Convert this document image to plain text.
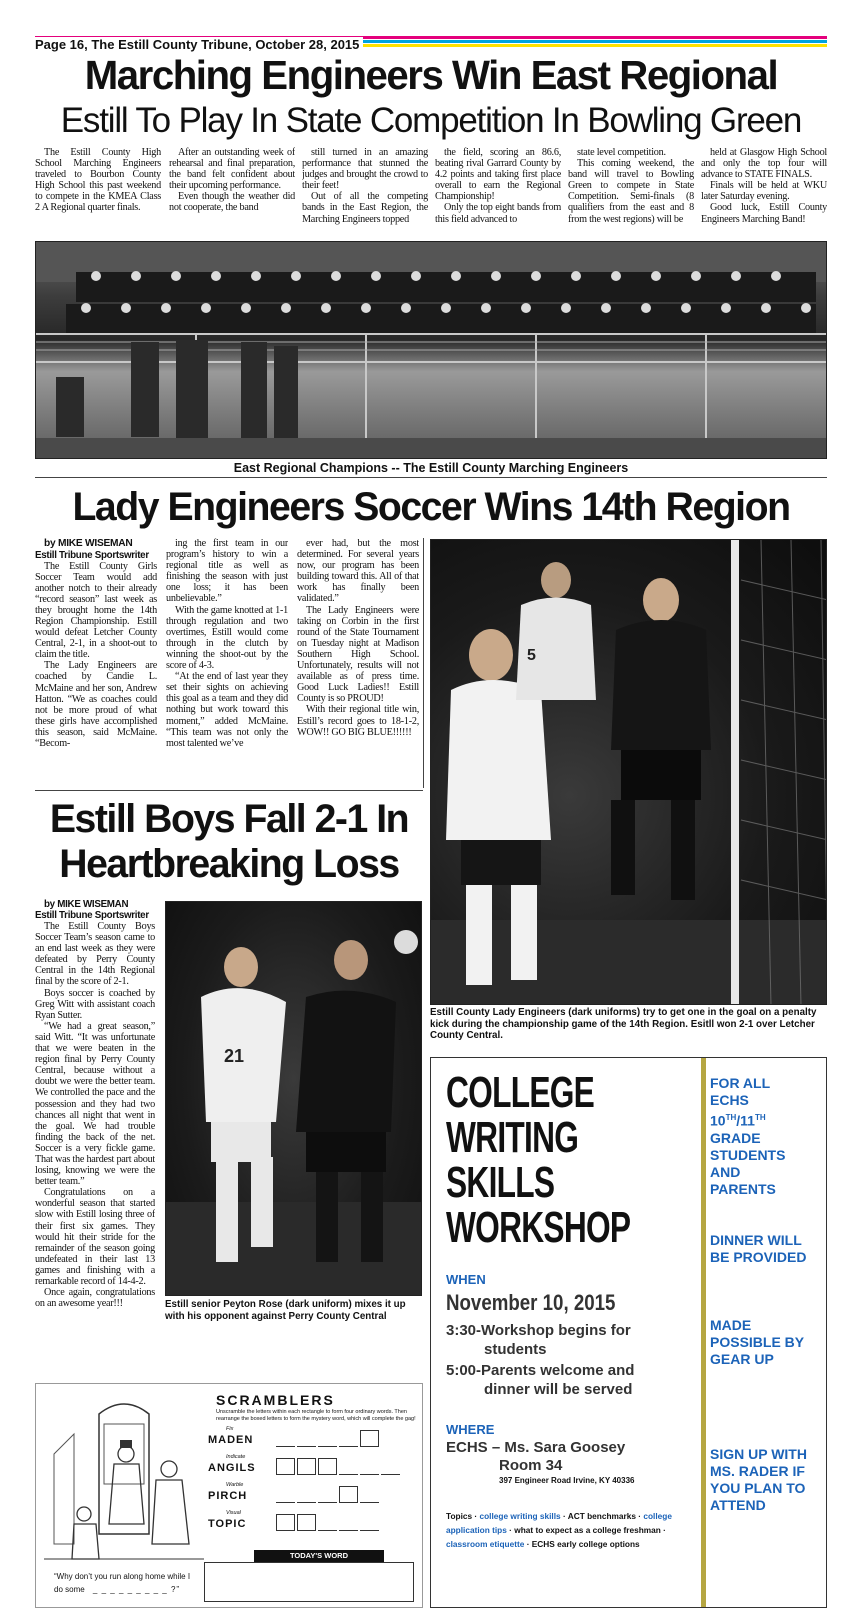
Page 16, The Estill County Tribune, October 28, 2015
Marching Engineers Win East Regional
Estill To Play In State Competition In Bowling Green

The Estill County High School Marching Engineers traveled to Bourbon County High School this past weekend to compete in the KMEA Class 2 A Regional quarter finals.

After an outstanding week of rehearsal and final preparation, the band felt confident about their upcoming performance.

Even though the weather did not cooperate, the band

still turned in an amazing performance that stunned the judges and brought the crowd to their feet!

Out of all the competing bands in the East Region, the Marching Engineers topped

the field, scoring an 86.6, beating rival Garrard County by 4.2 points and taking first place overall to earn the Regional Championship!

Only the top eight bands from this field advanced to

state level competition.

This coming weekend, the band will travel to Bowling Green to compete in State Competition. Semi-finals (8 qualifiers from the east and 8 from the west regions) will be

held at Glasgow High School and only the top four will advance to STATE FINALS.

Finals will be held at WKU later Saturday evening.

Good luck, Estill County Engineers Marching Band!

East Regional Champions -- The Estill County Marching Engineers
Lady Engineers Soccer Wins 14th Region
by MIKE WISEMAN
Estill Tribune Sportswriter

The Estill County Girls Soccer Team would add another notch to their already “record season” last week as they brought home the 14th Region Championship. Estill would defeat Letcher County Central, 2-1, in a shoot-out to claim the title.

The Lady Engineers are coached by Candie L. McMaine and her son, Andrew Hatton. “We as coaches could not be more proud of what these girls have accomplished this season, said McMaine. “Becom-

ing the first team in our program’s history to win a regional title as well as finishing the season with just one loss; it has been unbelievable.”

With the game knotted at 1-1 through regulation and two overtimes, Estill would come through in the clutch by winning the shoot-out by the score of 4-3.

“At the end of last year they set their sights on achieving this goal as a team and they did nothing but work toward this moment,” added McMaine. “This team was not only the most talented we’ve

ever had, but the most determined. For several years now, our program has been building toward this. All of that work has finally been validated.”

The Lady Engineers were taking on Corbin in the first round of the State Tournament on Tuesday night at Madison Southern High School. Unfortunately, results will not available as of press time. Good Luck Ladies!! Estill County is so PROUD!

With their regional title win, Estill’s record goes to 18-1-2, WOW!! GO BIG BLUE!!!!!!

5
Estill County Lady Engineers (dark uniforms) try to get one in the goal on a penalty kick during the championship game of the 14th Region. Esitll won 2-1 over Letcher County Central.
Estill Boys Fall 2-1 In
Heartbreaking Loss
by MIKE WISEMAN
Estill Tribune Sportswriter

The Estill County Boys Soccer Team’s season came to an end last week as they were defeated by Perry County Central in the 14th Regional final by the score of 2-1.

Boys soccer is coached by Greg Witt with assistant coach Ryan Sutter.

“We had a great season,” said Witt. “It was unfortunate that we were beaten in the region final by Perry County Central, because without a doubt we were the better team. We controlled the pace and the possession and they had two chances all night that went in the goal. We had trouble finding the back of the net. Soccer is a very fickle game. That was the hardest part about losing, knowing we were the better team.”

Congratulations on a wonderful season that started slow with Estill losing three of their first six games. They would hit their stride for the remainder of the season going undefeated in their last 13 games and finishing with a remarkable record of 14-4-2.

Once again, congratulations on an awesome year!!!

21
Estill senior Peyton Rose (dark uniform) mixes it up with his opponent against Perry County Central
“Why don’t you run along home while I
do some _ _ _ _ _ _ _ _ _ ?”
SCRAMBLERS
Unscramble the letters within each rectangle to form four ordinary words. Then rearrange the boxed letters to form the mystery word, which will complete the gag!
Fix
MADEN
Indicate
ANGILS
Warble
PIRCH
Visual
TOPIC
TODAY'S WORD
COLLEGE
WRITING
SKILLS
WORKSHOP
WHEN
November 10, 2015
3:30-Workshop begins for
students
5:00-Parents welcome and
dinner will be served
WHERE
ECHS – Ms. Sara Goosey
Room 34
397 Engineer Road Irvine, KY 40336
Topics · college writing skills · ACT benchmarks · college application tips · what to expect as a college freshman · classroom etiquette · ECHS early college options
FOR ALL
ECHS
10TH/11TH
GRADE
STUDENTS
AND
PARENTS
DINNER WILL BE PROVIDED
MADE POSSIBLE BY GEAR UP
SIGN UP WITH MS. RADER IF YOU PLAN TO ATTEND
